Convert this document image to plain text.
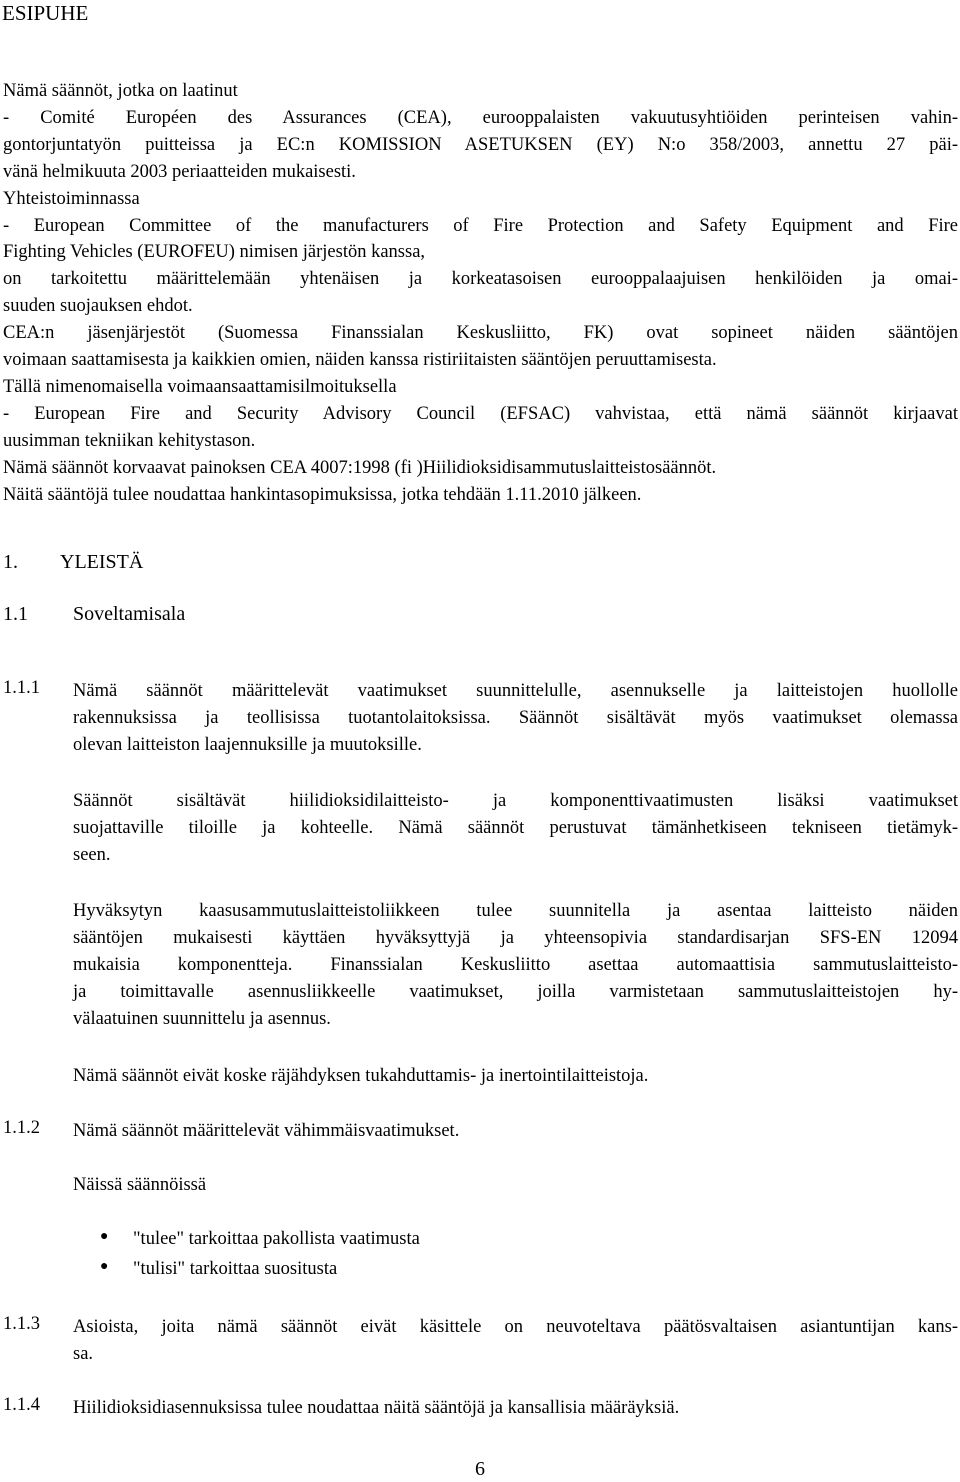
ESIPUHE

Nämä säännöt, jotka on laatinut

- Comité Européen des Assurances (CEA), eurooppalaisten vakuutusyhtiöiden perinteisen vahin-

gontorjuntatyön puitteissa ja EC:n KOMISSION ASETUKSEN (EY) N:o 358/2003, annettu 27 päi-

vänä helmikuuta 2003 periaatteiden mukaisesti.

Yhteistoiminnassa

- European Committee of the manufacturers of Fire Protection and Safety Equipment and Fire

Fighting Vehicles (EUROFEU) nimisen järjestön kanssa,

on tarkoitettu määrittelemään yhtenäisen ja korkeatasoisen eurooppalaajuisen henkilöiden ja omai-

suuden suojauksen ehdot.

CEA:n jäsenjärjestöt (Suomessa Finanssialan Keskusliitto, FK) ovat sopineet näiden sääntöjen

voimaan saattamisesta ja kaikkien omien, näiden kanssa ristiriitaisten sääntöjen peruuttamisesta.

Tällä nimenomaisella voimaansaattamisilmoituksella

- European Fire and Security Advisory Council (EFSAC) vahvistaa, että nämä säännöt kirjaavat

uusimman tekniikan kehitystason.

Nämä säännöt korvaavat painoksen CEA 4007:1998 (fi )Hiilidioksidisammutuslaitteistosäännöt.

Näitä sääntöjä tulee noudattaa hankintasopimuksissa, jotka tehdään 1.11.2010 jälkeen.

1. YLEISTÄ
1.1 Soveltamisala
1.1.1 Nämä säännöt määrittelevät vaatimukset suunnittelulle, asennukselle ja laitteistojen huollolle

rakennuksissa ja teollisissa tuotantolaitoksissa. Säännöt sisältävät myös vaatimukset olemassa

olevan laitteiston laajennuksille ja muutoksille.

Säännöt sisältävät hiilidioksidilaitteisto- ja komponenttivaatimusten lisäksi vaatimukset

suojattaville tiloille ja kohteelle. Nämä säännöt perustuvat tämänhetkiseen tekniseen tietämyk-

seen.

Hyväksytyn kaasusammutuslaitteistoliikkeen tulee suunnitella ja asentaa laitteisto näiden

sääntöjen mukaisesti käyttäen hyväksyttyjä ja yhteensopivia standardisarjan SFS-EN 12094

mukaisia komponentteja. Finanssialan Keskusliitto asettaa automaattisia sammutuslaitteisto-

ja toimittavalle asennusliikkeelle vaatimukset, joilla varmistetaan sammutuslaitteistojen hy-

välaatuinen suunnittelu ja asennus.

Nämä säännöt eivät koske räjähdyksen tukahduttamis- ja inertointilaitteistoja.
1.1.2 Nämä säännöt määrittelevät vähimmäisvaatimukset.
Näissä säännöissä
● "tulee" tarkoittaa pakollista vaatimusta
● "tulisi" tarkoittaa suositusta
1.1.3 Asioista, joita nämä säännöt eivät käsittele on neuvoteltava päätösvaltaisen asiantuntijan kans-

sa.

1.1.4 Hiilidioksidiasennuksissa tulee noudattaa näitä sääntöjä ja kansallisia määräyksiä.
6
